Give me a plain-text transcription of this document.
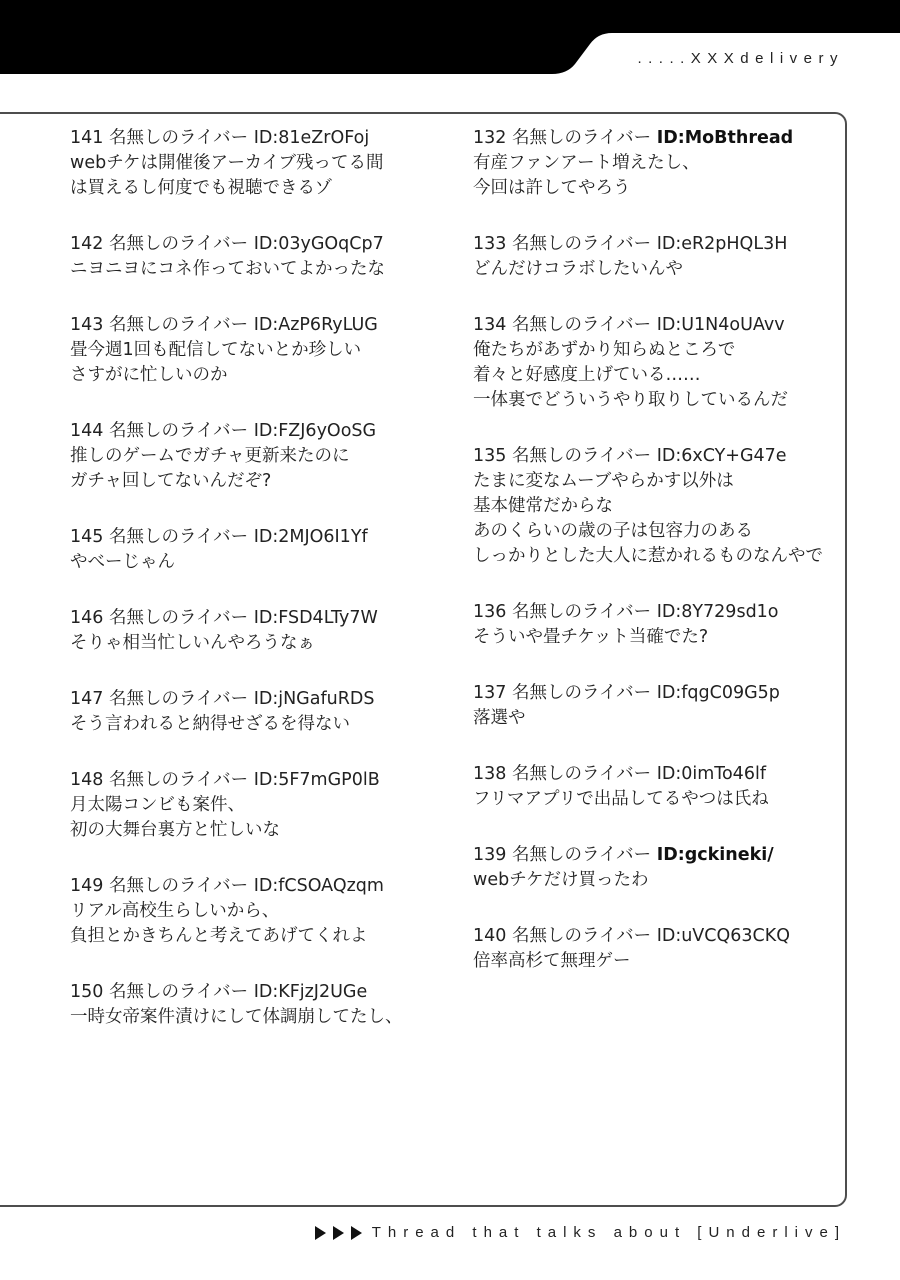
.....XXXdelivery
141 名無しのライバー ID:81eZrOFoj
webチケは開催後アーカイブ残ってる間
は買えるし何度でも視聴できるゾ
142 名無しのライバー ID:03yGOqCp7
ニヨニヨにコネ作っておいてよかったな
143 名無しのライバー ID:AzP6RyLUG
畳今週1回も配信してないとか珍しい
さすがに忙しいのか
144 名無しのライバー ID:FZJ6yOoSG
推しのゲームでガチャ更新来たのに
ガチャ回してないんだぞ?
145 名無しのライバー ID:2MJO6I1Yf
やべーじゃん
146 名無しのライバー ID:FSD4LTy7W
そりゃ相当忙しいんやろうなぁ
147 名無しのライバー ID:jNGafuRDS
そう言われると納得せざるを得ない
148 名無しのライバー ID:5F7mGP0lB
月太陽コンビも案件、
初の大舞台裏方と忙しいな
149 名無しのライバー ID:fCSOAQzqm
リアル高校生らしいから、
負担とかきちんと考えてあげてくれよ
150 名無しのライバー ID:KFjzJ2UGe
一時女帝案件漬けにして体調崩してたし、
132 名無しのライバー ID:MoBthread
有産ファンアート増えたし、
今回は許してやろう
133 名無しのライバー ID:eR2pHQL3H
どんだけコラボしたいんや
134 名無しのライバー ID:U1N4oUAvv
俺たちがあずかり知らぬところで
着々と好感度上げている……
一体裏でどういうやり取りしているんだ
135 名無しのライバー ID:6xCY+G47e
たまに変なムーブやらかす以外は
基本健常だからな
あのくらいの歳の子は包容力のある
しっかりとした大人に惹かれるものなんやで
136 名無しのライバー ID:8Y729sd1o
そういや畳チケット当確でた?
137 名無しのライバー ID:fqgC09G5p
落選や
138 名無しのライバー ID:0imTo46lf
フリマアプリで出品してるやつは氏ね
139 名無しのライバー ID:gckineki/
webチケだけ買ったわ
140 名無しのライバー ID:uVCQ63CKQ
倍率高杉て無理ゲー
Thread that talks about [Underlive]
